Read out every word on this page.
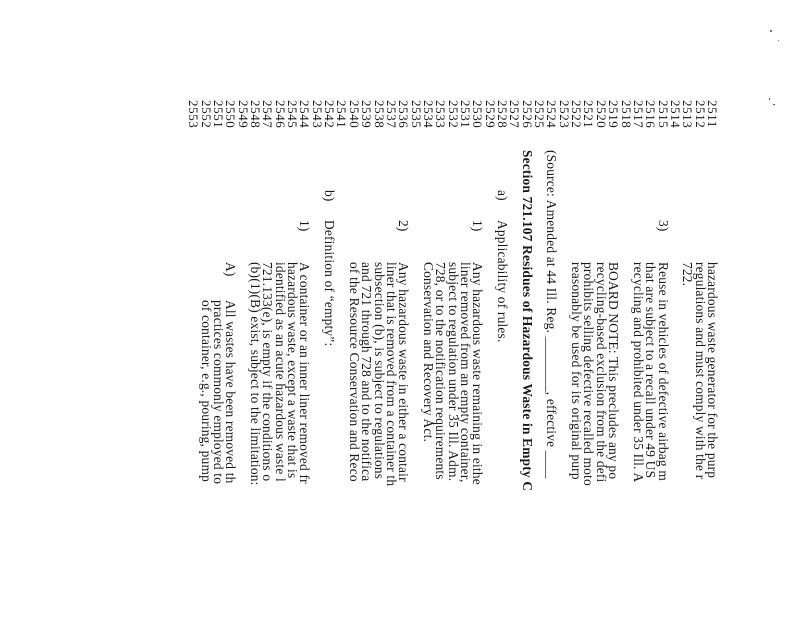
2511
2512
2513
2514
2515
2516
2517
2518
2519
2520
2521
2522
2523
2524
2525
2526
2527
2528
2529
2530
2531
2532
2533
2534
2535
2536
2537
2538
2539
2540
2541
2542
2543
2544
2545
2546
2547
2548
2549
2550
2551
2552
2553
hazardous waste generator for the purp
regulations and must comply with the r
722.
3)
Reuse in vehicles of defective airbag m
that are subject to a recall under 49 US
recycling and prohibited under 35 Ill. A
BOARD NOTE: This precludes any po
recycling-based exclusion from the defi
prohibits selling defective recalled moto
reasonably be used for its original purp
(Source: Amended at 44 Ill. Reg. ________, effective ____
Section 721.107 Residues of Hazardous Waste in Empty C
a)
Applicability of rules.
1)
Any hazardous waste remaining in eithe
liner removed from an empty container,
subject to regulation under 35 Ill. Adm.
728, or to the notification requirements
Conservation and Recovery Act.
2)
Any hazardous waste in either a contair
liner that is removed from a container th
subsection (b), is subject to regulations
and 721 through 728 and to the notifica
of the Resource Conservation and Reco
b)
Definition of “empty”:
1)
A container or an inner liner removed fr
hazardous waste, except a waste that is
identified as an acute hazardous waste l
721.133(e), is empty if the conditions o
(b)(1)(B) exist, subject to the limitation:
A)
All wastes have been removed th
practices commonly employed to
of container, e.g., pouring, pump
